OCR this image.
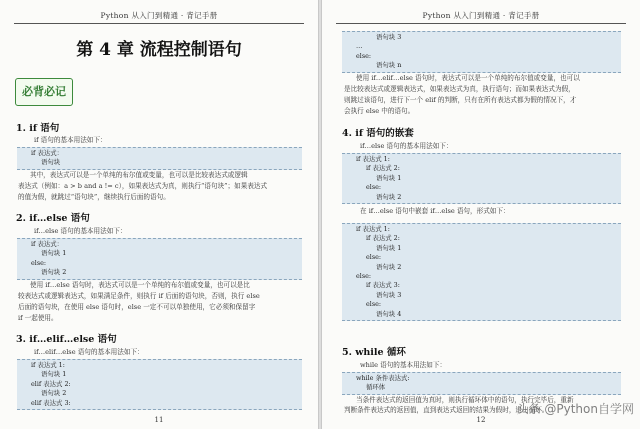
Python 从入门到精通 · 背记手册
第 4 章 流程控制语句
必背必记
1. if 语句
if 语句的基本用法如下：
if 表达式：
语句块
其中，表达式可以是一个单纯的布尔值或变量，也可以是比较表达式或逻辑
表达式（例如：a > b and a != c），如果表达式为真，则执行“语句块”；如果表达式
的值为假，就跳过“语句块”，继续执行后面的语句。
2. if…else 语句
if…else 语句的基本用法如下：
if 表达式：
语句块 1
else:
语句块 2
使用 if…else 语句时，表达式可以是一个单纯的布尔值或变量，也可以是比
较表达式或逻辑表达式，如果满足条件，则执行 if 后面的语句块，否则，执行 else
后面的语句块，在使用 else 语句时，else 一定不可以单独使用，它必须和保留字
if 一起使用。
3. if…elif…else 语句
if…elif…else 语句的基本用法如下：
if 表达式 1:
语句块 1
elif 表达式 2:
语句块 2
elif 表达式 3:
11
Python 从入门到精通 · 背记手册
语句块 3
…
else:
语句块 n
使用 if…elif…else 语句时，表达式可以是一个单纯的布尔值或变量，也可以
是比较表达式或逻辑表达式，如果表达式为真，执行语句；而如果表达式为假，
则跳过该语句，进行下一个 elif 的判断，只有在所有表达式都为假的情况下，才
会执行 else 中的语句。
4. if 语句的嵌套
if…else 语句的基本用法如下：
if 表达式 1:
if 表达式 2:
语句块 1
else:
语句块 2
在 if…else 语句中嵌套 if…else 语句，形式如下：
if 表达式 1:
if 表达式 2:
语句块 1
else:
语句块 2
else:
if 表达式 3:
语句块 3
else:
语句块 4
5. while 循环
while 语句的基本用法如下：
while 条件表达式:
循环体
当条件表达式的返回值为真时，则执行循环体中的语句，执行完毕后，重新
判断条件表达式的返回值，直到表达式返回的结果为假时，退出循环。
头条 @Python自学网
12
